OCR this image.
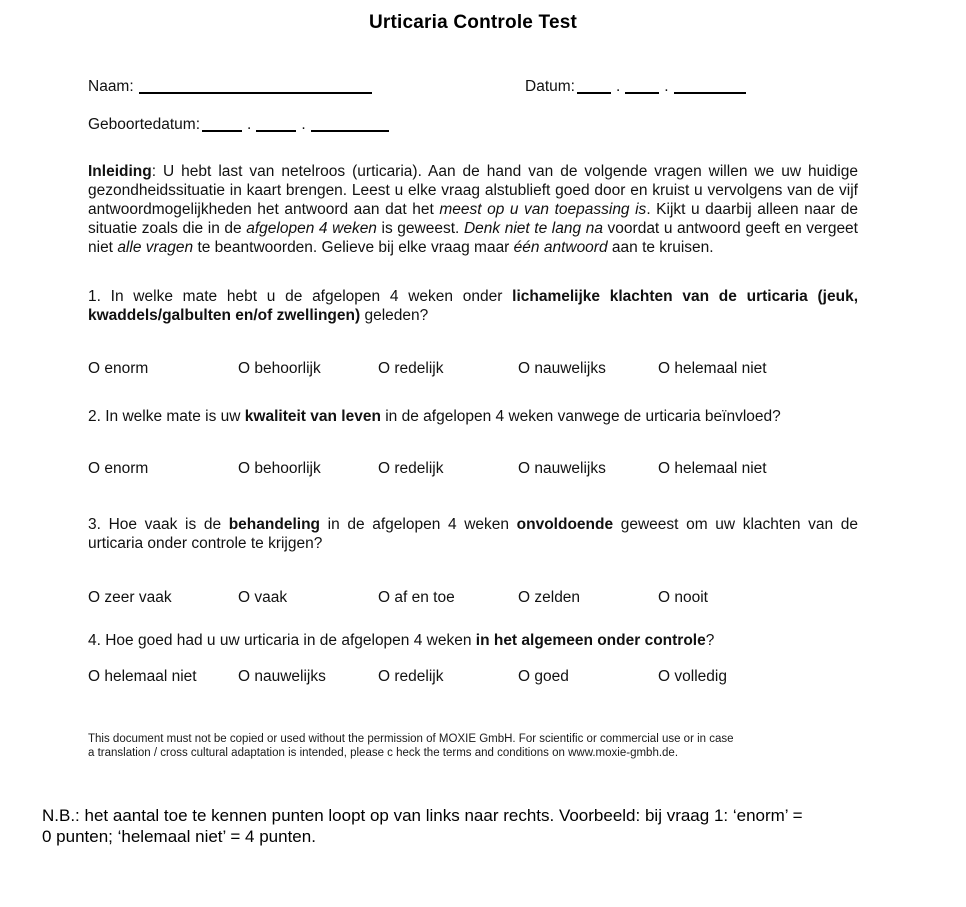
Urticaria Controle Test
Naam:	Datum:	.	.
Geboortedatum:	.	.

Inleiding: U hebt last van netelroos (urticaria). Aan de hand van de volgende vragen willen we uw huidige gezondheidssituatie in kaart brengen. Leest u elke vraag alstublieft goed door en kruist u vervolgens van de vijf antwoordmogelijkheden het antwoord aan dat het meest op u van toepassing is. Kijkt u daarbij alleen naar de situatie zoals die in de afgelopen 4 weken is geweest. Denk niet te lang na voordat u antwoord geeft en vergeet niet alle vragen te beantwoorden. Gelieve bij elke vraag maar één antwoord aan te kruisen.

1. In welke mate hebt u de afgelopen 4 weken onder lichamelijke klachten van de urticaria (jeuk, kwaddels/galbulten en/of zwellingen) geleden?

O enorm	O behoorlijk	O redelijk	O nauwelijks	O helemaal niet

2. In welke mate is uw kwaliteit van leven in de afgelopen 4 weken vanwege de urticaria beïnvloed?

O enorm	O behoorlijk	O redelijk	O nauwelijks	O helemaal niet

3. Hoe vaak is de behandeling in de afgelopen 4 weken onvoldoende geweest om uw klachten van de urticaria onder controle te krijgen?

O zeer vaak	O vaak	O af en toe	O zelden	O nooit

4. Hoe goed had u uw urticaria in de afgelopen 4 weken in het algemeen onder controle?

O helemaal niet	O nauwelijks	O redelijk	O goed	O volledig

This document must not be copied or used without the permission of MOXIE GmbH. For scientific or commercial use or in case
a translation / cross cultural adaptation is intended, please c heck the terms and conditions on www.moxie-gmbh.de.

N.B.: het aantal toe te kennen punten loopt op van links naar rechts. Voorbeeld: bij vraag 1: ‘enorm’ =
0 punten; ‘helemaal niet’ = 4 punten.
